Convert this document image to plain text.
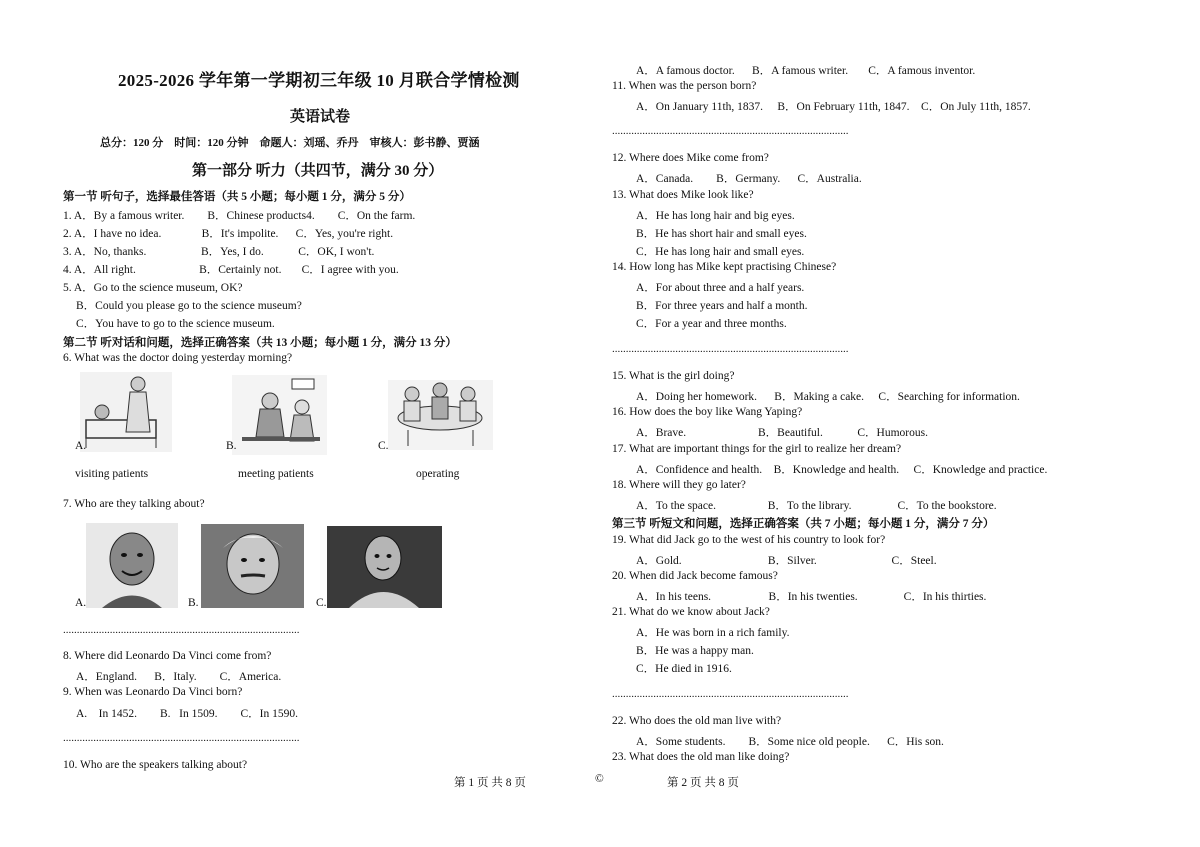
2025-2026 学年第一学期初三年级 10 月联合学情检测
英语试卷
总分：120 分    时间：120 分钟    命题人：刘瑶、乔丹    审核人：彭书静、贾涵
第一部分 听力（共四节，满分 30 分）
第一节 听句子，选择最佳答语（共 5 小题；每小题 1 分，满分 5 分）
1. A．By a famous writer.        B．Chinese products4.        C．On the farm.
2. A．I have no idea.              B．It's impolite.      C．Yes, you're right.
3. A．No, thanks.                   B．Yes, I do.            C．OK, I won't.
4. A．All right.                      B．Certainly not.       C．I agree with you.
5. A．Go to the science museum, OK?
B．Could you please go to the science museum?
C．You have to go to the science museum.
第二节 听对话和问题，选择正确答案（共 13 小题；每小题 1 分，满分 13 分）
6. What was the doctor doing yesterday morning?
A.	B.	C.
visiting patients	meeting patients	operating
7. Who are they talking about?
A.	B.	C.
......................................................................................
8. Where did Leonardo Da Vinci come from?
A．England.      B．Italy.        C．America.
9. When was Leonardo Da Vinci born?
A.    In 1452.        B.   In 1509.        C．In 1590.
......................................................................................
10. Who are the speakers talking about?
A．A famous doctor.      B．A famous writer.       C．A famous inventor.
11. When was the person born?
A．On January 11th, 1837.     B．On February 11th, 1847.    C．On July 11th, 1857.
......................................................................................
12. Where does Mike come from?
A．Canada.        B．Germany.      C．Australia.
13. What does Mike look like?
A．He has long hair and big eyes.
B．He has short hair and small eyes.
C．He has long hair and small eyes.
14. How long has Mike kept practising Chinese?
A．For about three and a half years.
B．For three years and half a month.
C．For a year and three months.
......................................................................................
15. What is the girl doing?
A．Doing her homework.      B．Making a cake.     C．Searching for information.
16. How does the boy like Wang Yaping?
A．Brave.                         B．Beautiful.            C．Humorous.
17. What are important things for the girl to realize her dream?
A．Confidence and health.    B．Knowledge and health.     C．Knowledge and practice.
18. Where will they go later?
A．To the space.                  B．To the library.                C．To the bookstore.
第三节 听短文和问题，选择正确答案（共 7 小题；每小题 1 分，满分 7 分）
19. What did Jack go to the west of his country to look for?
A．Gold.                              B．Silver.                          C．Steel.
20. When did Jack become famous?
A．In his teens.                    B．In his twenties.                C．In his thirties.
21. What do we know about Jack?
A．He was born in a rich family.
B．He was a happy man.
C．He died in 1916.
......................................................................................
22. Who does the old man live with?
A．Some students.        B．Some nice old people.      C．His son.
23. What does the old man like doing?
第 1 页 共 8 页	©	第 2 页 共 8 页
